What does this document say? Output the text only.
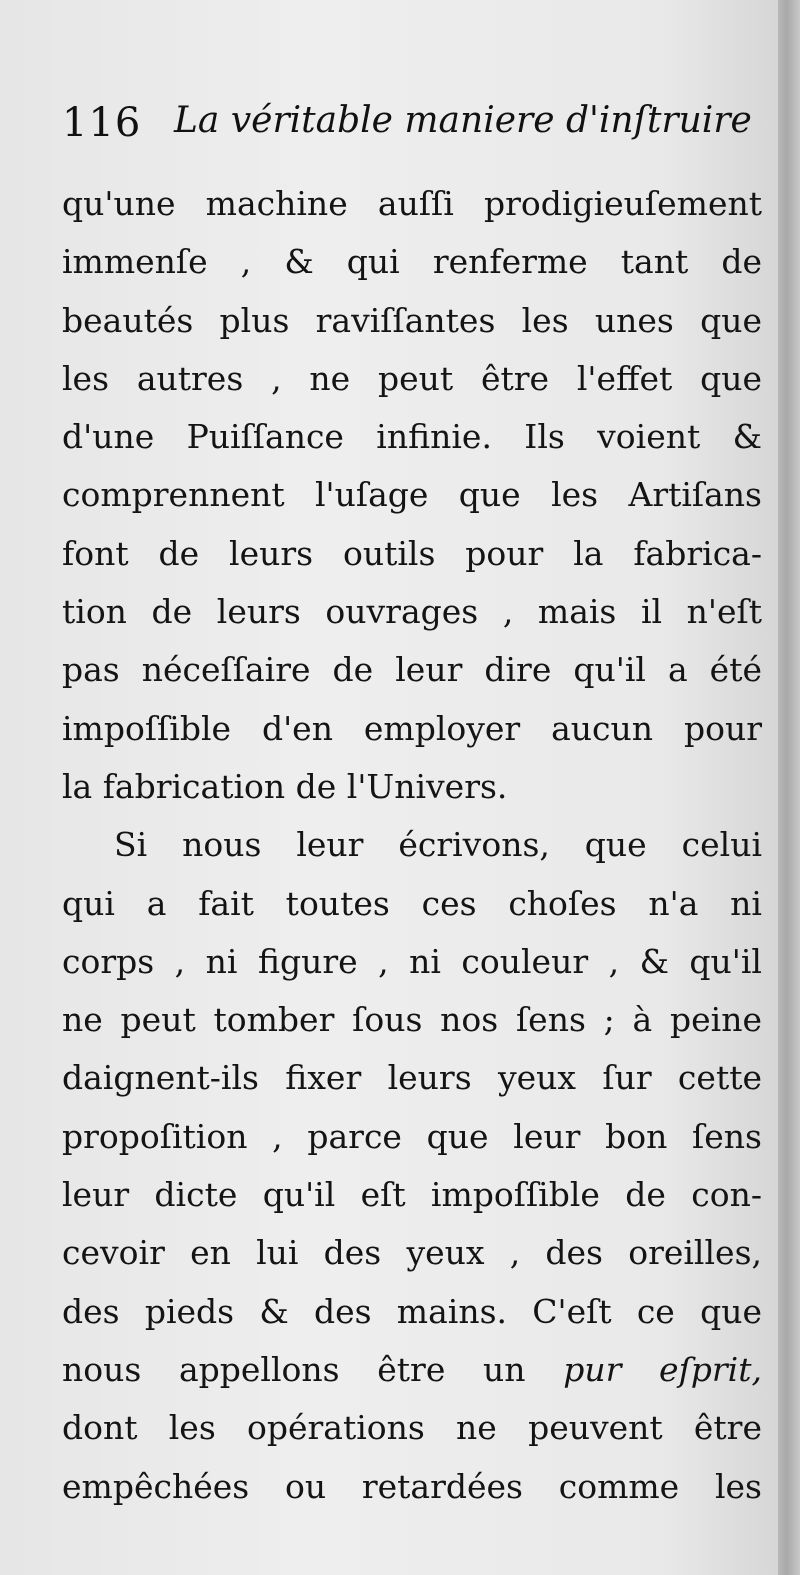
116 La véritable maniere d'inſtruire
qu'une machine auſſi prodigieuſement
immenſe , & qui renferme tant de
beautés plus raviſſantes les unes que
les autres , ne peut être l'effet que
d'une Puiſſance infinie. Ils voient &
comprennent l'uſage que les Artiſans
font de leurs outils pour la fabrica-
tion de leurs ouvrages , mais il n'eſt
pas néceſſaire de leur dire qu'il a été
impoſſible d'en employer aucun pour
la fabrication de l'Univers.
Si nous leur écrivons, que celui
qui a fait toutes ces choſes n'a ni
corps , ni figure , ni couleur , & qu'il
ne peut tomber ſous nos ſens ; à peine
daignent-ils fixer leurs yeux ſur cette
propoſition , parce que leur bon ſens
leur dicte qu'il eſt impoſſible de con-
cevoir en lui des yeux , des oreilles,
des pieds & des mains. C'eſt ce que
nous appellons être un pur eſprit,
dont les opérations ne peuvent être
empêchées ou retardées comme les
